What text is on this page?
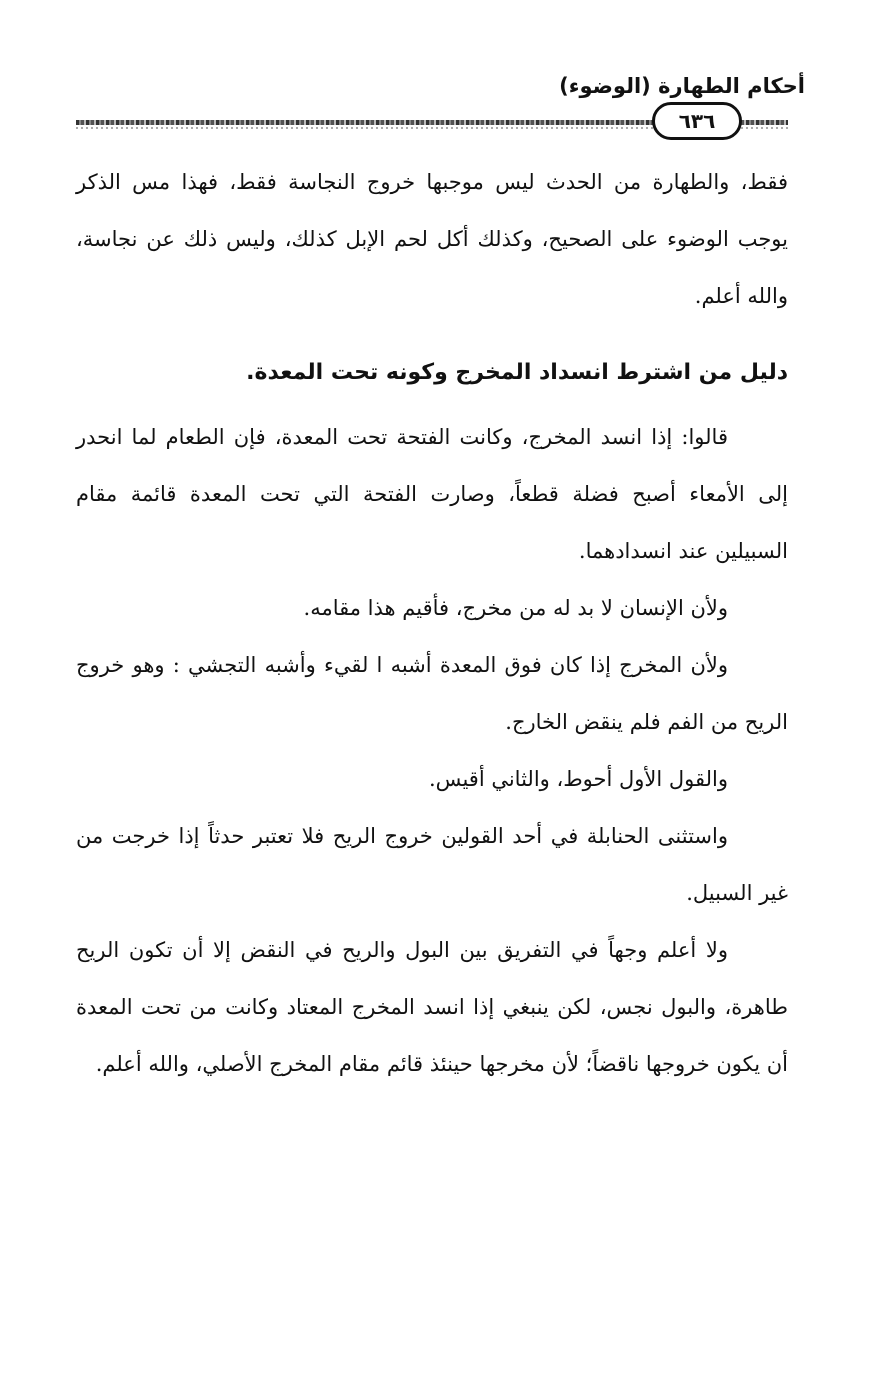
أحكام الطهارة (الوضوء)
٦٣٦

فقط، والطهارة من الحدث ليس موجبها خروج النجاسة فقط، فهذا مس الذكر يوجب الوضوء على الصحيح، وكذلك أكل لحم الإبل كذلك، وليس ذلك عن نجاسة، والله أعلم.

دليل من اشترط انسداد المخرج وكونه تحت المعدة.

قالوا: إذا انسد المخرج، وكانت الفتحة تحت المعدة، فإن الطعام لما انحدر إلى الأمعاء أصبح فضلة قطعاً، وصارت الفتحة التي تحت المعدة قائمة مقام السبيلين عند انسدادهما.

ولأن الإنسان لا بد له من مخرج، فأقيم هذا مقامه.

ولأن المخرج إذا كان فوق المعدة أشبه ا لقيء وأشبه التجشي : وهو خروج الريح من الفم فلم ينقض الخارج.

والقول الأول أحوط، والثاني أقيس.

واستثنى الحنابلة في أحد القولين خروج الريح فلا تعتبر حدثاً إذا خرجت من غير السبيل.

ولا أعلم وجهاً في التفريق بين البول والريح في النقض إلا أن تكون الريح طاهرة، والبول نجس، لكن ينبغي إذا انسد المخرج المعتاد وكانت من تحت المعدة أن يكون خروجها ناقضاً؛ لأن مخرجها حينئذ قائم مقام المخرج الأصلي، والله أعلم.
